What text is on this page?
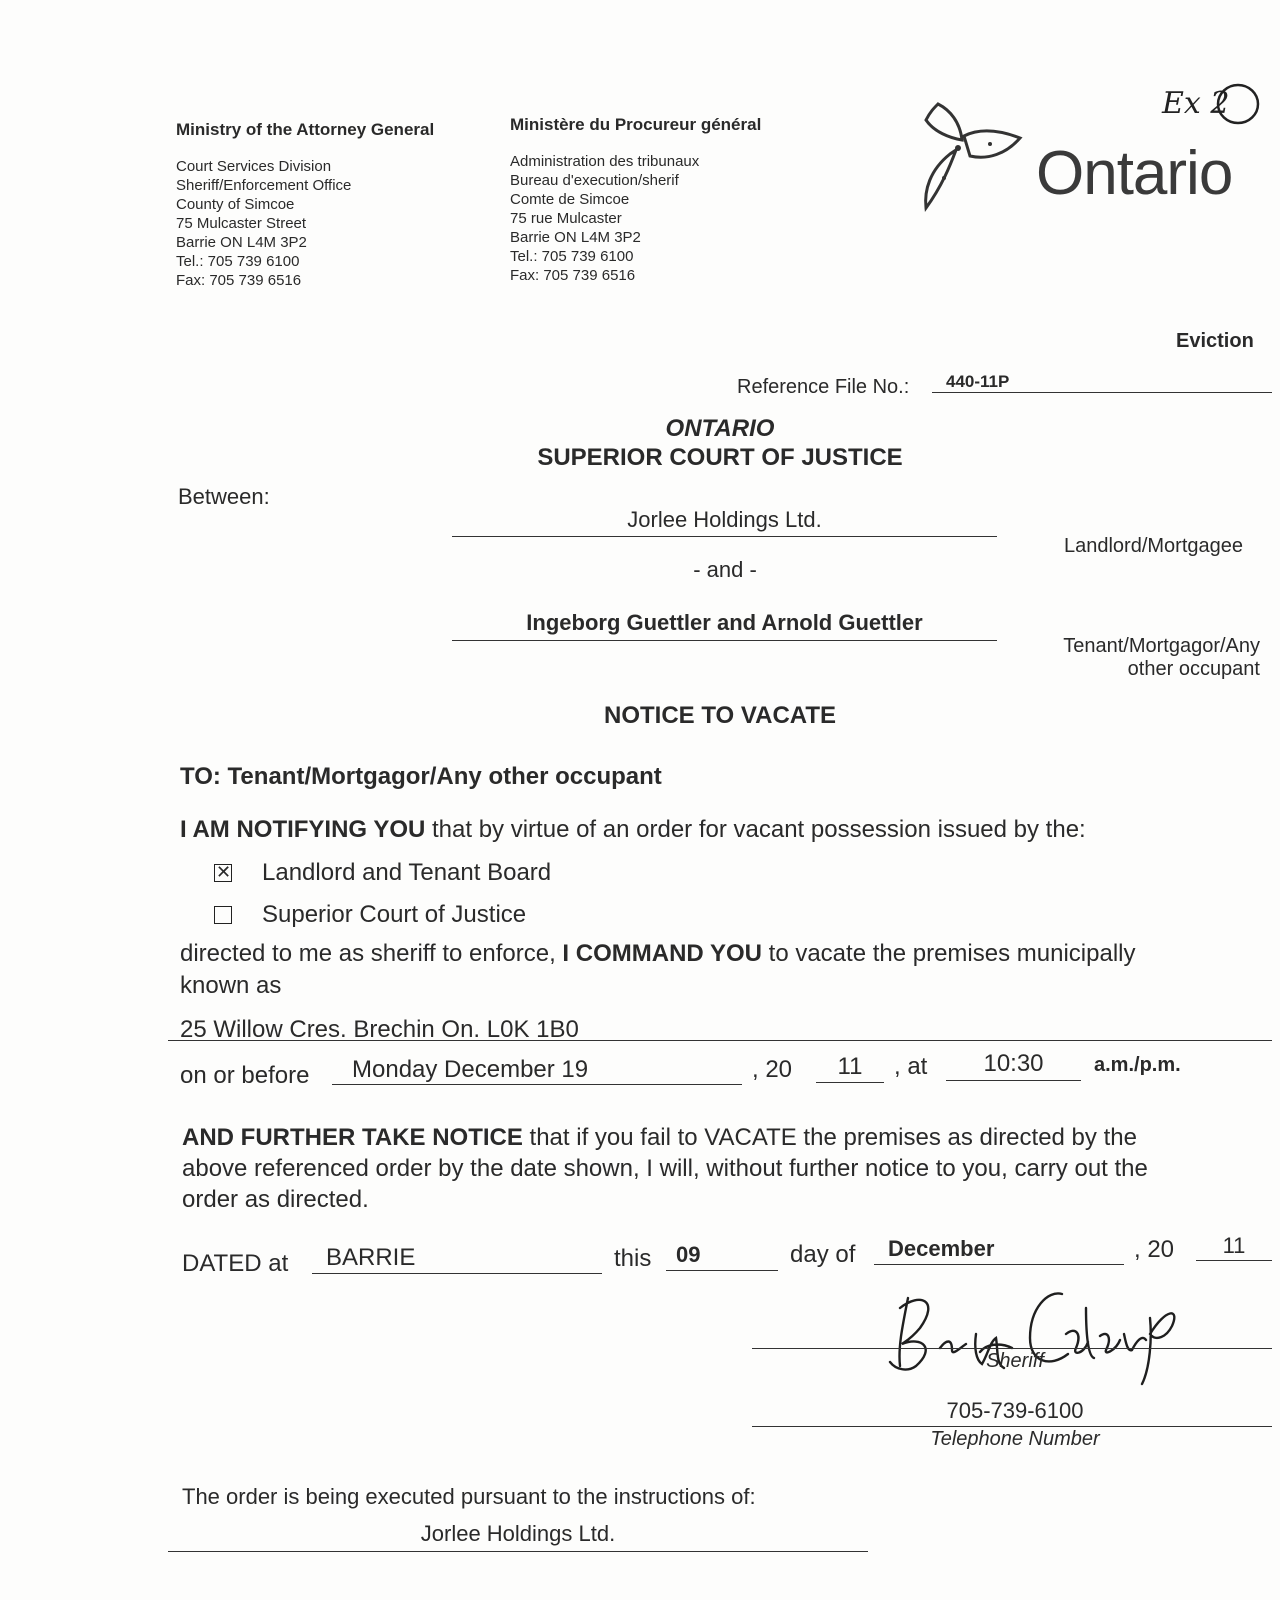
Ministry of the Attorney General
Court Services Division
Sheriff/Enforcement Office
County of Simcoe
75 Mulcaster Street
Barrie ON L4M 3P2
Tel.: 705 739 6100
Fax: 705 739 6516
Ministère du Procureur général
Administration des tribunaux
Bureau d'execution/sherif
Comte de Simcoe
75 rue Mulcaster
Barrie ON L4M 3P2
Tel.: 705 739 6100
Fax: 705 739 6516
Ontario
Ex 2
Eviction
Reference File No.: 440-11P
ONTARIO
SUPERIOR COURT OF JUSTICE
Between:
Jorlee Holdings Ltd.
Landlord/Mortgagee
- and -
Ingeborg Guettler and Arnold Guettler
Tenant/Mortgagor/Any
other occupant
NOTICE TO VACATE
TO: Tenant/Mortgagor/Any other occupant
I AM NOTIFYING YOU that by virtue of an order for vacant possession issued by the:
✕ Landlord and Tenant Board
Superior Court of Justice
directed to me as sheriff to enforce, I COMMAND YOU to vacate the premises municipally
known as
25 Willow Cres. Brechin On. L0K 1B0
on or before	Monday December 19	, 20	11	, at	10:30	a.m./p.m.
AND FURTHER TAKE NOTICE that if you fail to VACATE the premises as directed by the
above referenced order by the date shown, I will, without further notice to you, carry out the
order as directed.
DATED at BARRIE	this	09	day of December	, 20	11
Sheriff
705-739-6100
Telephone Number
The order is being executed pursuant to the instructions of:
Jorlee Holdings Ltd.
